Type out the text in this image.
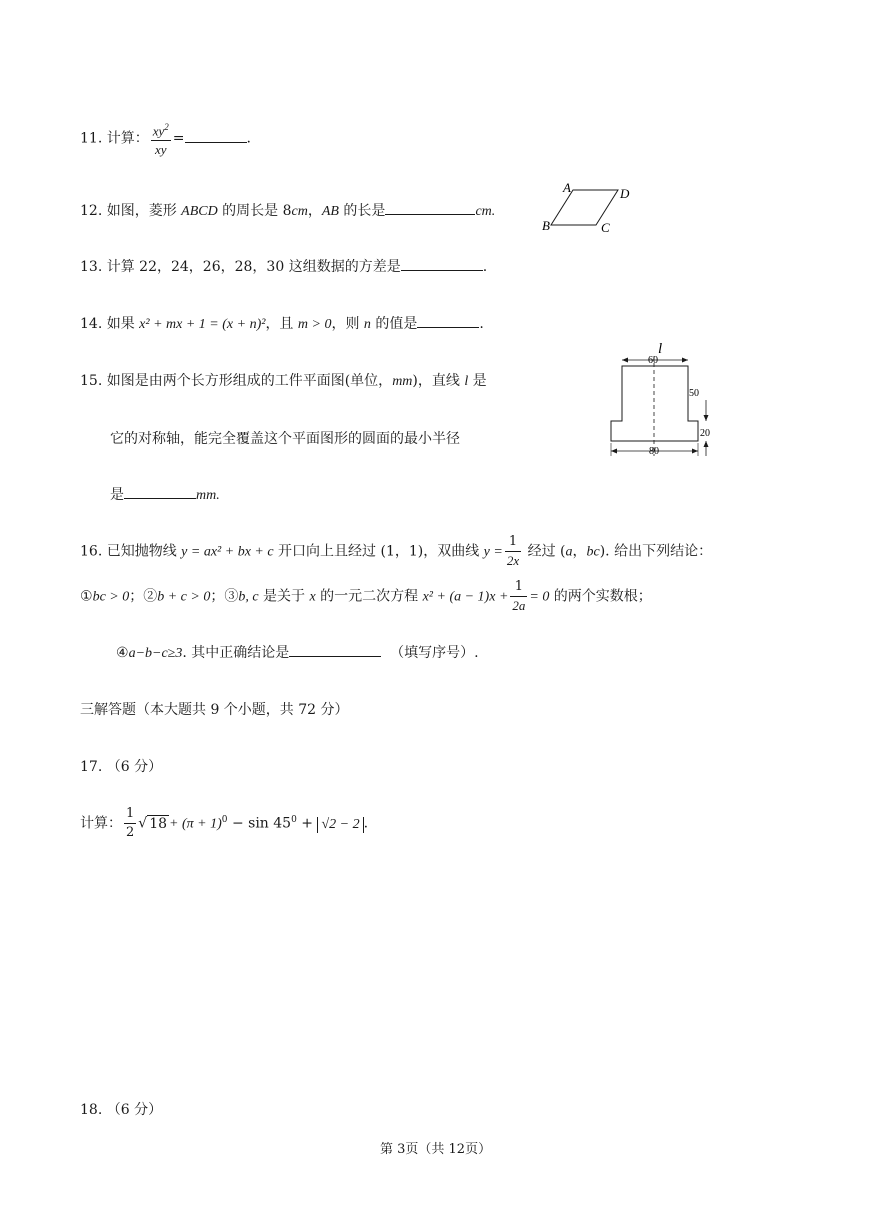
11. 计算： $\frac{xy^2}{xy}$ =	.
12. 如图，菱形 ABCD 的周长是 8cm，AB 的长是	cm.
A	D
B	C
13. 计算 22，24，26，28，30 这组数据的方差是	.
14. 如果 x² + mx + 1 = (x + n)²，且 m > 0，则 n 的值是	.
15. 如图是由两个长方形组成的工件平面图(单位，mm)，直线 l 是
它的对称轴，能完全覆盖这个平面图形的圆面的最小半径
是	mm.
l
60
50
20
80
16. 已知抛物线 y = ax² + bx + c 开口向上且经过 (1，1)，双曲线 $y = \frac{1}{2x}$ 经过 (a，bc). 给出下列结论：
①bc > 0；②b + c > 0；③b, c 是关于 x 的一元二次方程 $x^2 + (a - 1)x + \frac{1}{2a} = 0$ 的两个实数根；
④a−b−c≥3. 其中正确结论是	（填写序号）.
三解答题（本大题共 9 个小题，共 72 分）
17. （6 分）
计算： $\frac{1}{2}$ √ $18 + (\pi + 1)^0 - \sin 45^0 + √2 - 2$ .
18. （6 分）
第 3页（共 12页）
